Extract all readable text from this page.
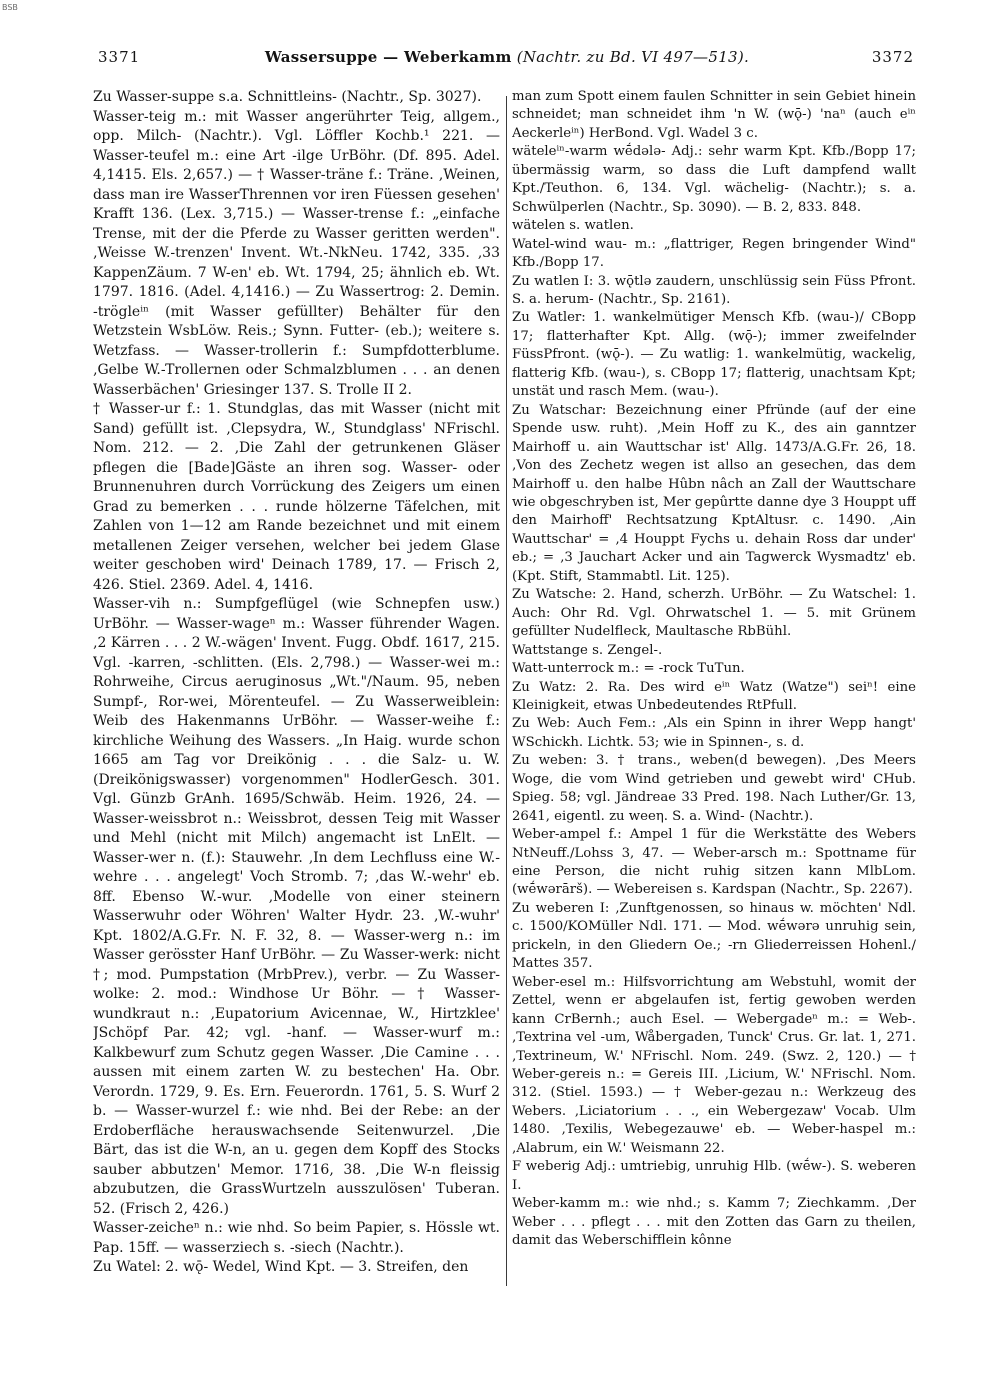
BSB
3371	Wassersuppe — Weberkamm (Nachtr. zu Bd. VI 497—513).	3372

Zu Wasser-suppe s.a. Schnittleins- (Nachtr., Sp. 3027).

Wasser-teig m.: mit Wasser angerührter Teig, allgem., opp. Milch- (Nachtr.). Vgl. Löffler Kochb.¹ 221. — Wasser-teufel m.: eine Art -ilge UrBöhr. (Df. 895. Adel. 4,1415. Els. 2,657.) — † Wasser-träne f.: Träne. ‚Weinen, dass man ire WasserThrennen vor iren Füessen gesehen' Krafft 136. (Lex. 3,715.) — Wasser-trense f.: „einfache Trense, mit der die Pferde zu Wasser geritten werden". ‚Weisse W.-trenzen' Invent. Wt.-NkNeu. 1742, 335. ‚33 KappenZäum. 7 W-en' eb. Wt. 1794, 25; ähnlich eb. Wt. 1797. 1816. (Adel. 4,1416.) — Zu Wassertrog: 2. Demin. -trögleⁱⁿ (mit Wasser gefüllter) Behälter für den Wetzstein WsbLöw. Reis.; Synn. Futter- (eb.); weitere s. Wetzfass. — Wasser-trollerin f.: Sumpfdotterblume. ‚Gelbe W.-Trollernen oder Schmalzblumen . . . an denen Wasserbächen' Griesinger 137. S. Trolle II 2.

† Wasser-ur f.: 1. Stundglas, das mit Wasser (nicht mit Sand) gefüllt ist. ‚Clepsydra, W., Stundglass' NFrischl. Nom. 212. — 2. ‚Die Zahl der getrunkenen Gläser pflegen die [Bade]Gäste an ihren sog. Wasser- oder Brunnenuhren durch Vorrückung des Zeigers um einen Grad zu bemerken . . . runde hölzerne Täfelchen, mit Zahlen von 1—12 am Rande bezeichnet und mit einem metallenen Zeiger versehen, welcher bei jedem Glase weiter geschoben wird' Deinach 1789, 17. — Frisch 2, 426. Stiel. 2369. Adel. 4, 1416.

Wasser-vih n.: Sumpfgeflügel (wie Schnepfen usw.) UrBöhr. — Wasser-wageⁿ m.: Wasser führender Wagen. ‚2 Kärren . . . 2 W.-wägen' Invent. Fugg. Obdf. 1617, 215. Vgl. -karren, -schlitten. (Els. 2,798.) — Wasser-wei m.: Rohrweihe, Circus aeruginosus „Wt."/Naum. 95, neben Sumpf-, Ror-wei, Mörenteufel. — Zu Wasserweiblein: Weib des Hakenmanns UrBöhr. — Wasser-weihe f.: kirchliche Weihung des Wassers. „In Haig. wurde schon 1665 am Tag vor Dreikönig . . . die Salz- u. W. (Dreikönigswasser) vorgenommen" HodlerGesch. 301. Vgl. Günzb GrAnh. 1695/Schwäb. Heim. 1926, 24. — Wasser-weissbrot n.: Weissbrot, dessen Teig mit Wasser und Mehl (nicht mit Milch) angemacht ist LnElt. — Wasser-wer n. (f.): Stauwehr. ‚In dem Lechfluss eine W.-wehre . . . angelegt' Voch Stromb. 7; ‚das W.-wehr' eb. 8ff. Ebenso W.-wur. ‚Modelle von einer steinern Wasserwuhr oder Wöhren' Walter Hydr. 23. ‚W.-wuhr' Kpt. 1802/A.G.Fr. N. F. 32, 8. — Wasser-werg n.: im Wasser gerösster Hanf UrBöhr. — Zu Wasser-werk: nicht †; mod. Pumpstation (MrbPrev.), verbr. — Zu Wasser-wolke: 2. mod.: Windhose Ur Böhr. — † Wasser-wundkraut n.: ‚Eupatorium Avicennae, W., Hirtzklee' JSchöpf Par. 42; vgl. -hanf. — Wasser-wurf m.: Kalkbewurf zum Schutz gegen Wasser. ‚Die Camine . . . aussen mit einem zarten W. zu bestechen' Ha. Obr. Verordn. 1729, 9. Es. Ern. Feuerordn. 1761, 5. S. Wurf 2 b. — Wasser-wurzel f.: wie nhd. Bei der Rebe: an der Erdoberfläche herauswachsende Seitenwurzel. ‚Die Bärt, das ist die W-n, an u. gegen dem Kopff des Stocks sauber abbutzen' Memor. 1716, 38. ‚Die W-n fleissig abzubutzen, die GrassWurtzeln ausszulösen' Tuberan. 52. (Frisch 2, 426.)

Wasser-zeicheⁿ n.: wie nhd. So beim Papier, s. Hössle wt. Pap. 15ff. — wasserziech s. -siech (Nachtr.).

Zu Watel: 2. wǭ- Wedel, Wind Kpt. — 3. Streifen, den

man zum Spott einem faulen Schnitter in sein Gebiet hinein schneidet; man schneidet ihm 'n W. (wǭ-) 'naⁿ (auch eⁱⁿ Aeckerleⁱⁿ) HerBond. Vgl. Wadel 3 c.

wäteleⁱⁿ-warm wḗdələ- Adj.: sehr warm Kpt. Kfb./Bopp 17; übermässig warm, so dass die Luft dampfend wallt Kpt./Teuthon. 6, 134. Vgl. wächelig- (Nachtr.); s. a. Schwülperlen (Nachtr., Sp. 3090). — B. 2, 833. 848.

wätelen s. watlen.

Watel-wind wau- m.: „flattriger, Regen bringender Wind" Kfb./Bopp 17.

Zu watlen I: 3. wǭtlə zaudern, unschlüssig sein Füss Pfront. S. a. herum- (Nachtr., Sp. 2161).

Zu Watler: 1. wankelmütiger Mensch Kfb. (wau-)/ CBopp 17; flatterhafter Kpt. Allg. (wǭ-); immer zweifelnder FüssPfront. (wǭ-). — Zu watlig: 1. wankelmütig, wackelig, flatterig Kfb. (wau-), s. CBopp 17; flatterig, unachtsam Kpt; unstät und rasch Mem. (wau-).

Zu Watschar: Bezeichnung einer Pfründe (auf der eine Spende usw. ruht). ‚Mein Hoff zu K., des ain ganntzer Mairhoff u. ain Wauttschar ist' Allg. 1473/A.G.Fr. 26, 18. ‚Von des Zechetz wegen ist allso an gesechen, das dem Mairhoff u. den halbe Hûbn nâch an Zall der Wauttschare wie obgeschryben ist, Mer gepûrtte danne dye 3 Houppt uff den Mairhoff' Rechtsatzung KptAltusr. c. 1490. ‚Ain Wauttschar' = ‚4 Houppt Fychs u. dehain Ross dar under' eb.; = ‚3 Jauchart Acker und ain Tagwerck Wysmadtz' eb. (Kpt. Stift, Stammabtl. Lit. 125).

Zu Watsche: 2. Hand, scherzh. UrBöhr. — Zu Watschel: 1. Auch: Ohr Rd. Vgl. Ohrwatschel 1. — 5. mit Grünem gefüllter Nudelfleck, Maultasche RbBühl.

Wattstange s. Zengel-.

Watt-unterrock m.: = -rock TuTun.

Zu Watz: 2. Ra. Des wird eⁱⁿ Watz (Watze") seiⁿ! eine Kleinigkeit, etwas Unbedeutendes RtPfull.

Zu Web: Auch Fem.: ‚Als ein Spinn in ihrer Wepp hangt' WSchickh. Lichtk. 53; wie in Spinnen-, s. d.

Zu weben: 3. † trans., weben(d bewegen). ‚Des Meers Woge, die vom Wind getrieben und gewebt wird' CHub. Spieg. 58; vgl. Jändreae 33 Pred. 198. Nach Luther/Gr. 13, 2641, eigentl. zu weeη. S. a. Wind- (Nachtr.).

Weber-ampel f.: Ampel 1 für die Werkstätte des Webers NtNeuff./Lohss 3, 47. — Weber-arsch m.: Spottname für eine Person, die nicht ruhig sitzen kann MlbLom. (wḗwərārš). — Webereisen s. Kardspan (Nachtr., Sp. 2267).

Zu weberen I: ‚Zunftgenossen, so hinaus w. möchten' Ndl. c. 1500/KOMüller Ndl. 171. — Mod. wḗwərə unruhig sein, prickeln, in den Gliedern Oe.; -rn Gliederreissen Hohenl./ Mattes 357.

Weber-esel m.: Hilfsvorrichtung am Webstuhl, womit der Zettel, wenn er abgelaufen ist, fertig gewoben werden kann CrBernh.; auch Esel. — Webergadeⁿ m.: = Web-. ‚Textrina vel -um, Wåbergaden, Tunck' Crus. Gr. lat. 1, 271. ‚Textrineum, W.' NFrischl. Nom. 249. (Swz. 2, 120.) — † Weber-gereis n.: = Gereis III. ‚Licium, W.' NFrischl. Nom. 312. (Stiel. 1593.) — † Weber-gezau n.: Werkzeug des Webers. ‚Liciatorium . . ., ein Webergezaw' Vocab. Ulm 1480. ‚Texilis, Webegezauwe' eb. — Weber-haspel m.: ‚Alabrum, ein W.' Weismann 22.

F weberig Adj.: umtriebig, unruhig Hlb. (wḗw-). S. weberen I.

Weber-kamm m.: wie nhd.; s. Kamm 7; Ziechkamm. ‚Der Weber . . . pflegt . . . mit den Zotten das Garn zu theilen, damit das Weberschifflein kônne
